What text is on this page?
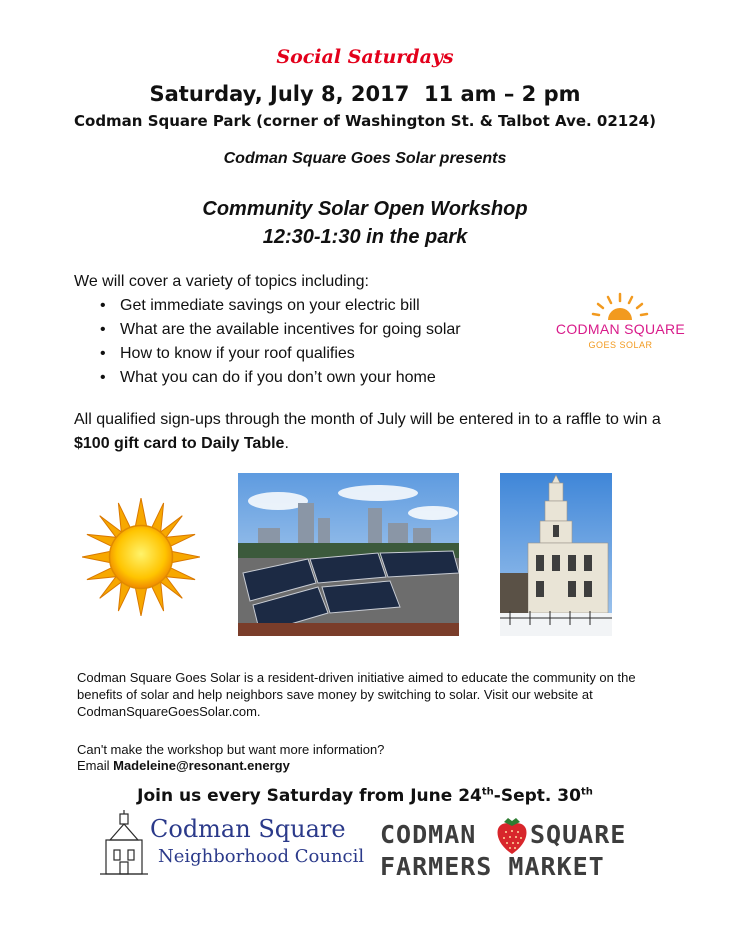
Social Saturdays
Saturday, July 8, 2017  11 am – 2 pm
Codman Square Park (corner of Washington St. & Talbot Ave. 02124)
Codman Square Goes Solar presents
Community Solar Open Workshop
12:30-1:30 in the park
We will cover a variety of topics including:
• Get immediate savings on your electric bill
• What are the available incentives for going solar
• How to know if your roof qualifies
• What you can do if you don’t own your home
CODMAN SQUARE
GOES SOLAR
All qualified sign-ups through the month of July will be entered in to a raffle to win a $100 gift card to Daily Table.
Codman Square Goes Solar is a resident-driven initiative aimed to educate the community on the benefits of solar and help neighbors save money by switching to solar. Visit our website at CodmanSquareGoesSolar.com.
Can't make the workshop but want more information?
Email Madeleine@resonant.energy
Join us every Saturday from June 24th-Sept. 30th
Codman Square
Neighborhood Council
CODMAN SQUARE
FARMERS MARKET
